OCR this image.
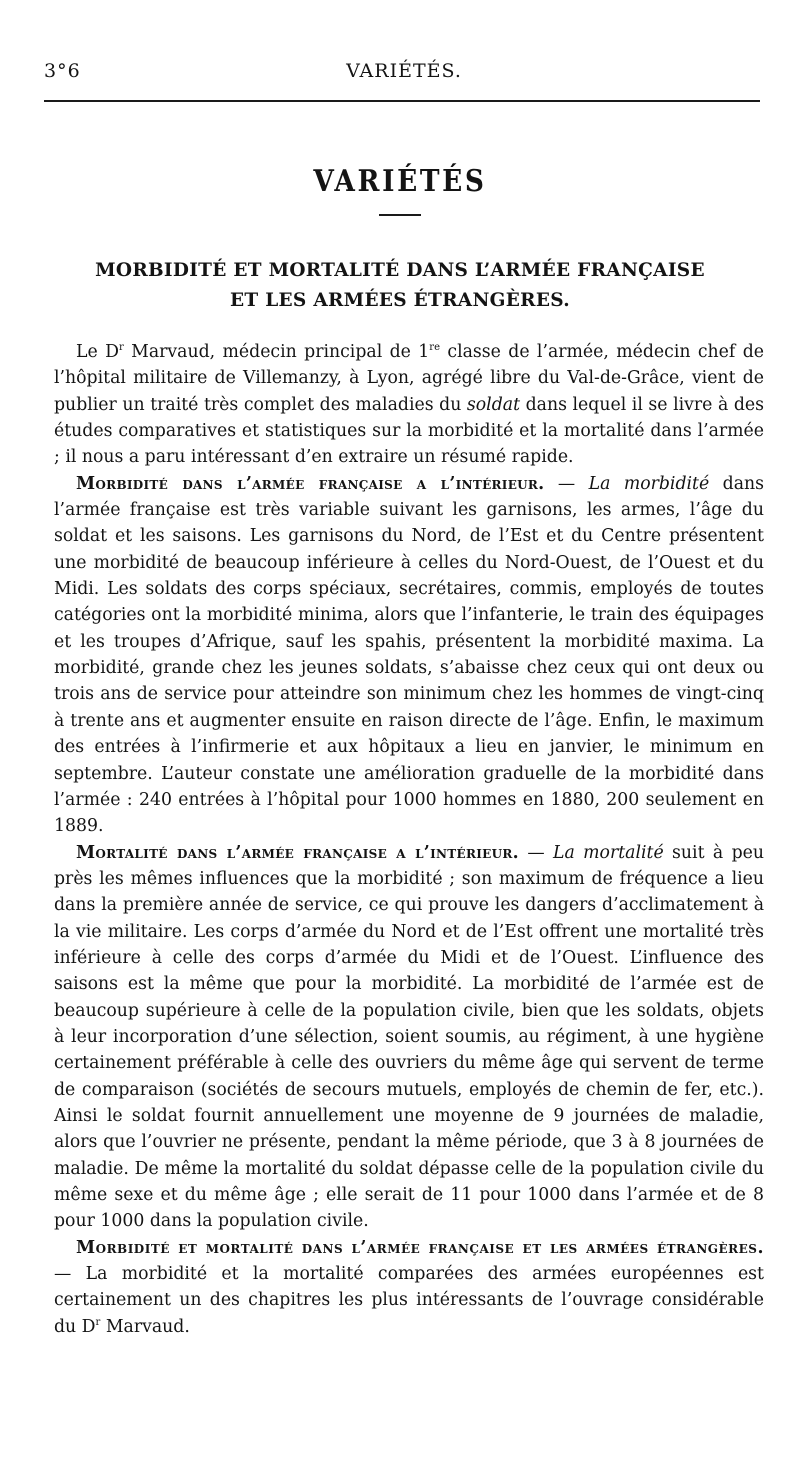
3°6	VARIÉTÉS.
VARIÉTÉS
MORBIDITÉ ET MORTALITÉ DANS L’ARMÉE FRANÇAISE
ET LES ARMÉES ÉTRANGÈRES.

Le $D^r$ Marvaud, médecin principal de 1re classe de l’armée, médecin chef de l’hôpital militaire de Villemanzy, à Lyon, agrégé libre du Val-de-Grâce, vient de publier un traité très complet des maladies du soldat dans lequel il se livre à des études comparatives et statistiques sur la morbidité et la mortalité dans l’armée ; il nous a paru intéressant d’en extraire un résumé rapide.

Morbidité dans l’armée française a l’intérieur. — La morbidité dans l’armée française est très variable suivant les garnisons, les armes, l’âge du soldat et les saisons. Les garnisons du Nord, de l’Est et du Centre présentent une morbidité de beaucoup inférieure à celles du Nord-Ouest, de l’Ouest et du Midi. Les soldats des corps spéciaux, secrétaires, commis, employés de toutes catégories ont la morbidité minima, alors que l’infanterie, le train des équipages et les troupes d’Afrique, sauf les spahis, présentent la morbidité maxima. La morbidité, grande chez les jeunes soldats, s’abaisse chez ceux qui ont deux ou trois ans de service pour atteindre son minimum chez les hommes de vingt-cinq à trente ans et augmenter ensuite en raison directe de l’âge. Enfin, le maximum des entrées à l’infirmerie et aux hôpitaux a lieu en janvier, le minimum en septembre. L’auteur constate une amélioration graduelle de la morbidité dans l’armée : 240 entrées à l’hôpital pour 1000 hommes en 1880, 200 seulement en 1889.

Mortalité dans l’armée française a l’intérieur. — La mortalité suit à peu près les mêmes influences que la morbidité ; son maximum de fréquence a lieu dans la première année de service, ce qui prouve les dangers d’acclimatement à la vie militaire. Les corps d’armée du Nord et de l’Est offrent une mortalité très inférieure à celle des corps d’armée du Midi et de l’Ouest. L’influence des saisons est la même que pour la morbidité. La morbidité de l’armée est de beaucoup supérieure à celle de la population civile, bien que les soldats, objets à leur incorporation d’une sélection, soient soumis, au régiment, à une hygiène certainement préférable à celle des ouvriers du même âge qui servent de terme de comparaison (sociétés de secours mutuels, employés de chemin de fer, etc.). Ainsi le soldat fournit annuellement une moyenne de 9 journées de maladie, alors que l’ouvrier ne présente, pendant la même période, que 3 à 8 journées de maladie. De même la mortalité du soldat dépasse celle de la population civile du même sexe et du même âge ; elle serait de 11 pour 1000 dans l’armée et de 8 pour 1000 dans la population civile.

Morbidité et mortalité dans l’armée française et les armées étrangères. — La morbidité et la mortalité comparées des armées européennes est certainement un des chapitres les plus intéressants de l’ouvrage considérable du $D^r$ Marvaud.
